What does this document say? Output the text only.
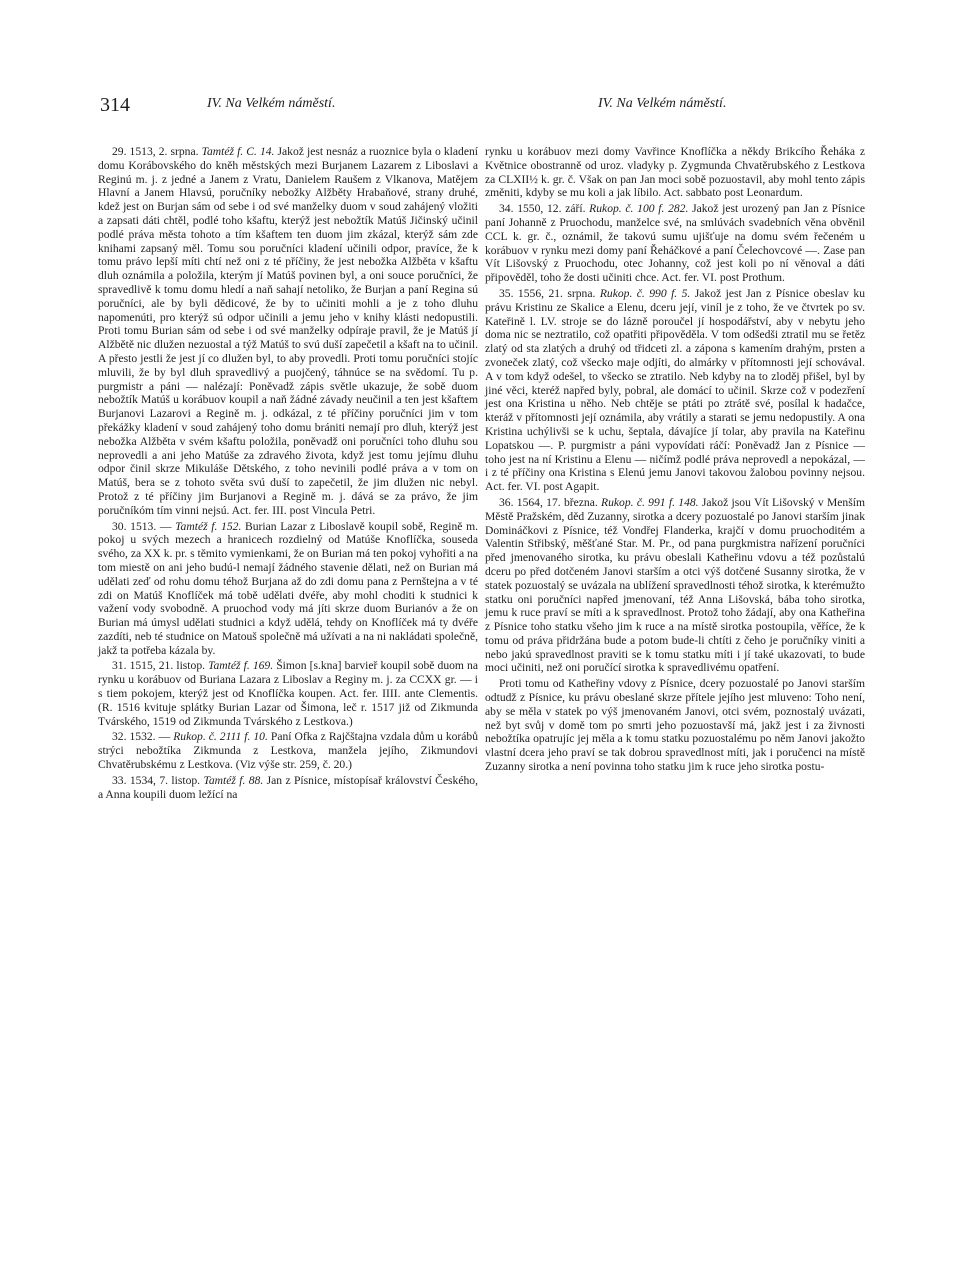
314	IV. Na Velkém náměstí.	IV. Na Velkém náměstí.

29. 1513, 2. srpna. Tamtéž f. C. 14. Jakož jest nesnáz a ruoznice byla o kladení domu Korábovského do kněh městských mezi Burjanem Lazarem z Liboslavi a Reginú m. j. z jedné a Janem z Vratu, Danielem Raušem z Vlkanova, Matějem Hlavní a Janem Hlavsú, poručníky nebožky Alžběty Hrabaňové, strany druhé, kdež jest on Burjan sám od sebe i od své manželky duom v soud zahájený vložiti a zapsati dáti chtěl, podlé toho kšaftu, kterýž jest nebožtík Matúš Jičinský učinil podlé práva města tohoto a tím kšaftem ten duom jim zkázal, kterýž sám zde knihami zapsaný měl. Tomu sou poručníci kladení učinili odpor, pravíce, že k tomu právo lepší míti chtí než oni z té příčiny, že jest nebožka Alžběta v kšaftu dluh oznámila a položila, kterým jí Matúš povinen byl, a oni souce poručníci, že spravedlivě k tomu domu hledí a naň sahají netoliko, že Burjan a paní Regina sú poručníci, ale by byli dědicové, že by to učiniti mohli a je z toho dluhu napomenúti, pro kterýž sú odpor učinili a jemu jeho v knihy klásti nedopustili. Proti tomu Burian sám od sebe i od své manželky odpíraje pravil, že je Matúš jí Alžbětě nic dlužen nezuostal a týž Matúš to svú duší zapečetil a kšaft na to učinil. A přesto jestli že jest jí co dlužen byl, to aby provedli. Proti tomu poručníci stojíc mluvili, že by byl dluh spravedlivý a puojčený, táhnúce se na svědomí. Tu p. purgmistr a páni — nalézají: Poněvadž zápis světle ukazuje, že sobě duom nebožtík Matúš u korábuov koupil a naň žádné závady neučinil a ten jest kšaftem Burjanovi Lazarovi a Regině m. j. odkázal, z té příčiny poručníci jim v tom překážky kladení v soud zahájený toho domu brániti nemají pro dluh, kterýž jest nebožka Alžběta v svém kšaftu položila, poněvadž oni poručníci toho dluhu sou neprovedli a ani jeho Matúše za zdravého života, když jest tomu jejímu dluhu odpor činil skrze Mikuláše Dětského, z toho nevinili podlé práva a v tom on Matúš, bera se z tohoto světa svú duší to zapečetil, že jim dlužen nic nebyl. Protož z té příčiny jim Burjanovi a Regině m. j. dává se za právo, že jim poručníkóm tím vinni nejsú. Act. fer. III. post Vincula Petri.

30. 1513. — Tamtéž f. 152. Burian Lazar z Liboslavě koupil sobě, Regině m. pokoj u svých mezech a hranicech rozdielný od Matúše Knoflíčka, souseda svého, za XX k. pr. s těmito vymienkami, že on Burian má ten pokoj vyhořiti a na tom miestě on ani jeho budú-l nemají žádného stavenie dělati, než on Burian má udělati zeď od rohu domu téhož Burjana až do zdi domu pana z Pernštejna a v té zdi on Matúš Knoflíček má tobě udělati dvéře, aby mohl choditi k studnici k važení vody svobodně. A pruochod vody má jíti skrze duom Burianóv a že on Burian má úmysl udělati studnici a když udělá, tehdy on Knoflíček má ty dvéře zazdíti, neb té studnice on Matouš společně má užívati a na ni nakládati společně, jakž ta potřeba kázala by.

31. 1515, 21. listop. Tamtéž f. 169. Šimon [s.kna] barvieř koupil sobě duom na rynku u korábuov od Buriana Lazara z Liboslav a Reginy m. j. za CCXX gr. — i s tiem pokojem, kterýž jest od Knoflíčka koupen. Act. fer. IIII. ante Clementis. (R. 1516 kvituje splátky Burian Lazar od Šimona, leč r. 1517 již od Zikmunda Tvárského, 1519 od Zikmunda Tvárského z Lestkova.)

32. 1532. — Rukop. č. 2111 f. 10. Paní Ofka z Rajčštajna vzdala dům u korábů strýci nebožtíka Zikmunda z Lestkova, manžela jejího, Zikmundovi Chvatěrubskému z Lestkova. (Viz výše str. 259, č. 20.)

33. 1534, 7. listop. Tamtéž f. 88. Jan z Písnice, místopísař království Českého, a Anna koupili duom ležící na

rynku u korábuov mezi domy Vavřince Knoflíčka a někdy Brikcího Řeháka z Květnice obostranně od uroz. vladyky p. Zygmunda Chvatěrubského z Lestkova za CLXII½ k. gr. č. Však on pan Jan moci sobě pozuostavil, aby mohl tento zápis změniti, kdyby se mu koli a jak líbilo. Act. sabbato post Leonardum.

34. 1550, 12. září. Rukop. č. 100 f. 282. Jakož jest urozený pan Jan z Písnice paní Johanně z Pruochodu, manželce své, na smlúvách svadebních věna obvěnil CCL k. gr. č., oznámil, že takovú sumu ujišťuje na domu svém řečeném u korábuov v rynku mezi domy paní Řeháčkové a paní Čelechovcové —. Zase pan Vít Lišovský z Pruochodu, otec Johanny, což jest koli po ní věnoval a dáti připověděl, toho že dosti učiniti chce. Act. fer. VI. post Prothum.

35. 1556, 21. srpna. Rukop. č. 990 f. 5. Jakož jest Jan z Písnice obeslav ku právu Kristinu ze Skalice a Elenu, dceru její, viníl je z toho, že ve čtvrtek po sv. Kateřině l. LV. stroje se do lázně poroučel jí hospodářství, aby v nebytu jeho doma nic se neztratilo, což opatřiti připověděla. V tom odšedši ztratil mu se řetěz zlatý od sta zlatých a druhý od třidceti zl. a zápona s kamením drahým, prsten a zvoneček zlatý, což všecko maje odjíti, do almárky v přítomnosti její schovával. A v tom když odešel, to všecko se ztratilo. Neb kdyby na to zloděj přišel, byl by jiné věci, kteréž napřed byly, pobral, ale domácí to učinil. Skrze což v podezření jest ona Kristina u něho. Neb chtěje se ptáti po ztrátě své, posílal k hadačce, kteráž v přítomnosti její oznámila, aby vrátily a starati se jemu nedopustily. A ona Kristina uchýlivši se k uchu, šeptala, dávajíce jí tolar, aby pravila na Kateřinu Lopatskou —. P. purgmistr a páni vypovídati ráčí: Poněvadž Jan z Písnice — toho jest na ní Kristinu a Elenu — ničímž podlé práva neprovedl a nepokázal, — i z té příčiny ona Kristina s Elenú jemu Janovi takovou žalobou povinny nejsou. Act. fer. VI. post Agapit.

36. 1564, 17. března. Rukop. č. 991 f. 148. Jakož jsou Vít Lišovský v Menším Městě Pražském, děd Zuzanny, sirotka a dcery pozuostalé po Janovi starším jinak Domináčkovi z Písnice, též Vondřej Flanderka, krajčí v domu pruochoditém a Valentin Střibský, měšťané Star. M. Pr., od pana purgkmistra nařízení poručníci před jmenovaného sirotka, ku právu obeslali Katheřinu vdovu a též pozůstalú dceru po před dotčeném Janovi starším a otci výš dotčené Susanny sirotka, že v statek pozuostalý se uvázala na ublížení spravedlnosti téhož sirotka, k kterémužto statku oni poručníci napřed jmenovaní, též Anna Lišovská, bába toho sirotka, jemu k ruce praví se míti a k spravedlnost. Protož toho žádají, aby ona Katheřina z Písnice toho statku všeho jim k ruce a na místě sirotka postoupila, věříce, že k tomu od práva přidržána bude a potom bude-li chtíti z čeho je poručníky viniti a nebo jakú spravedlnost praviti se k tomu statku míti i jí také ukazovati, to bude moci učiniti, než oni poručící sirotka k spravedlivému opatření.

Proti tomu od Katheřiny vdovy z Písnice, dcery pozuostalé po Janovi starším odtudž z Písnice, ku právu obeslané skrze přítele jejího jest mluveno: Toho není, aby se měla v statek po výš jmenovaném Janovi, otci svém, poznostalý uvázati, než byt svůj v domě tom po smrti jeho pozuostavší má, jakž jest i za živnosti nebožtíka opatrujíc jej měla a k tomu statku pozuostalému po něm Janovi jakožto vlastní dcera jeho praví se tak dobrou spravedlnost míti, jak i poručenci na místě Zuzanny sirotka a není povinna toho statku jim k ruce jeho sirotka postu-
